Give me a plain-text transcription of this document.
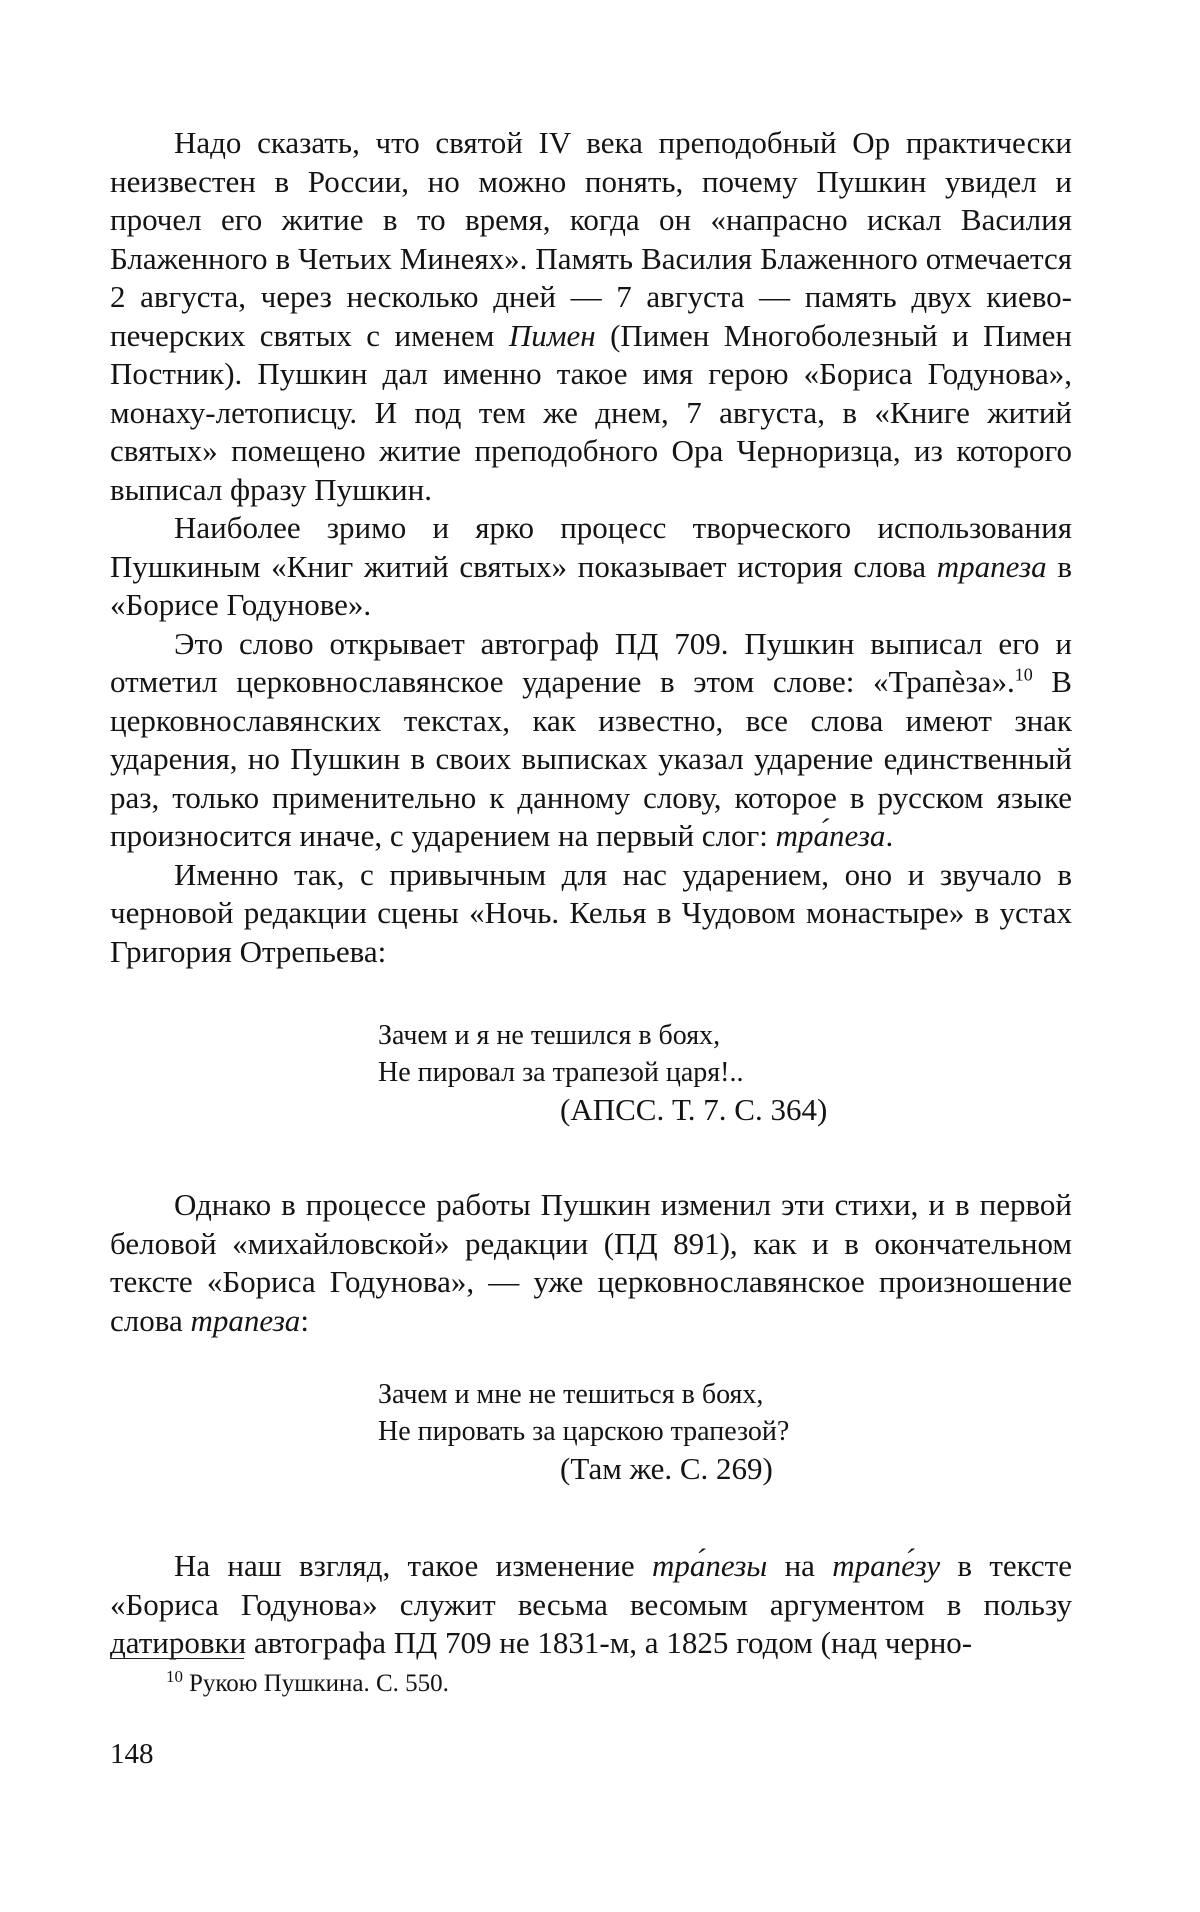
Надо сказать, что святой IV века преподобный Ор практически неизвестен в России, но можно понять, почему Пушкин увидел и прочел его житие в то время, когда он «напрасно искал Василия Блаженного в Четьих Минеях». Память Василия Блаженного отмечается 2 августа, через несколько дней — 7 августа — память двух киево-печерских святых с именем Пимен (Пимен Многоболезный и Пимен Постник). Пушкин дал именно такое имя герою «Бориса Годунова», монаху-летописцу. И под тем же днем, 7 августа, в «Книге житий святых» помещено житие преподобного Ора Черноризца, из которого выписал фразу Пушкин.

Наиболее зримо и ярко процесс творческого использования Пушкиным «Книг житий святых» показывает история слова трапеза в «Борисе Годунове».

Это слово открывает автограф ПД 709. Пушкин выписал его и отметил церковнославянское ударение в этом слове: «Трапѐза».$^{10}$ В церковнославянских текстах, как известно, все слова имеют знак ударения, но Пушкин в своих выписках указал ударение единственный раз, только применительно к данному слову, которое в русском языке произносится иначе, с ударением на первый слог: тра́пеза.

Именно так, с привычным для нас ударением, оно и звучало в черновой редакции сцены «Ночь. Келья в Чудовом монастыре» в устах Григория Отрепьева:

Зачем и я не тешился в боях,
Не пировал за трапезой царя!..
(АПСС. Т. 7. С. 364)

Однако в процессе работы Пушкин изменил эти стихи, и в первой беловой «михайловской» редакции (ПД 891), как и в окончательном тексте «Бориса Годунова», — уже церковнославянское произношение слова трапеза:

Зачем и мне не тешиться в боях,
Не пировать за царскою трапезой?
(Там же. С. 269)

На наш взгляд, такое изменение тра́пезы на трапе́зу в тексте «Бориса Годунова» служит весьма весомым аргументом в пользу датировки автографа ПД 709 не 1831-м, а 1825 годом (над черно-

$^{10}$ Рукою Пушкина. С. 550.
148
